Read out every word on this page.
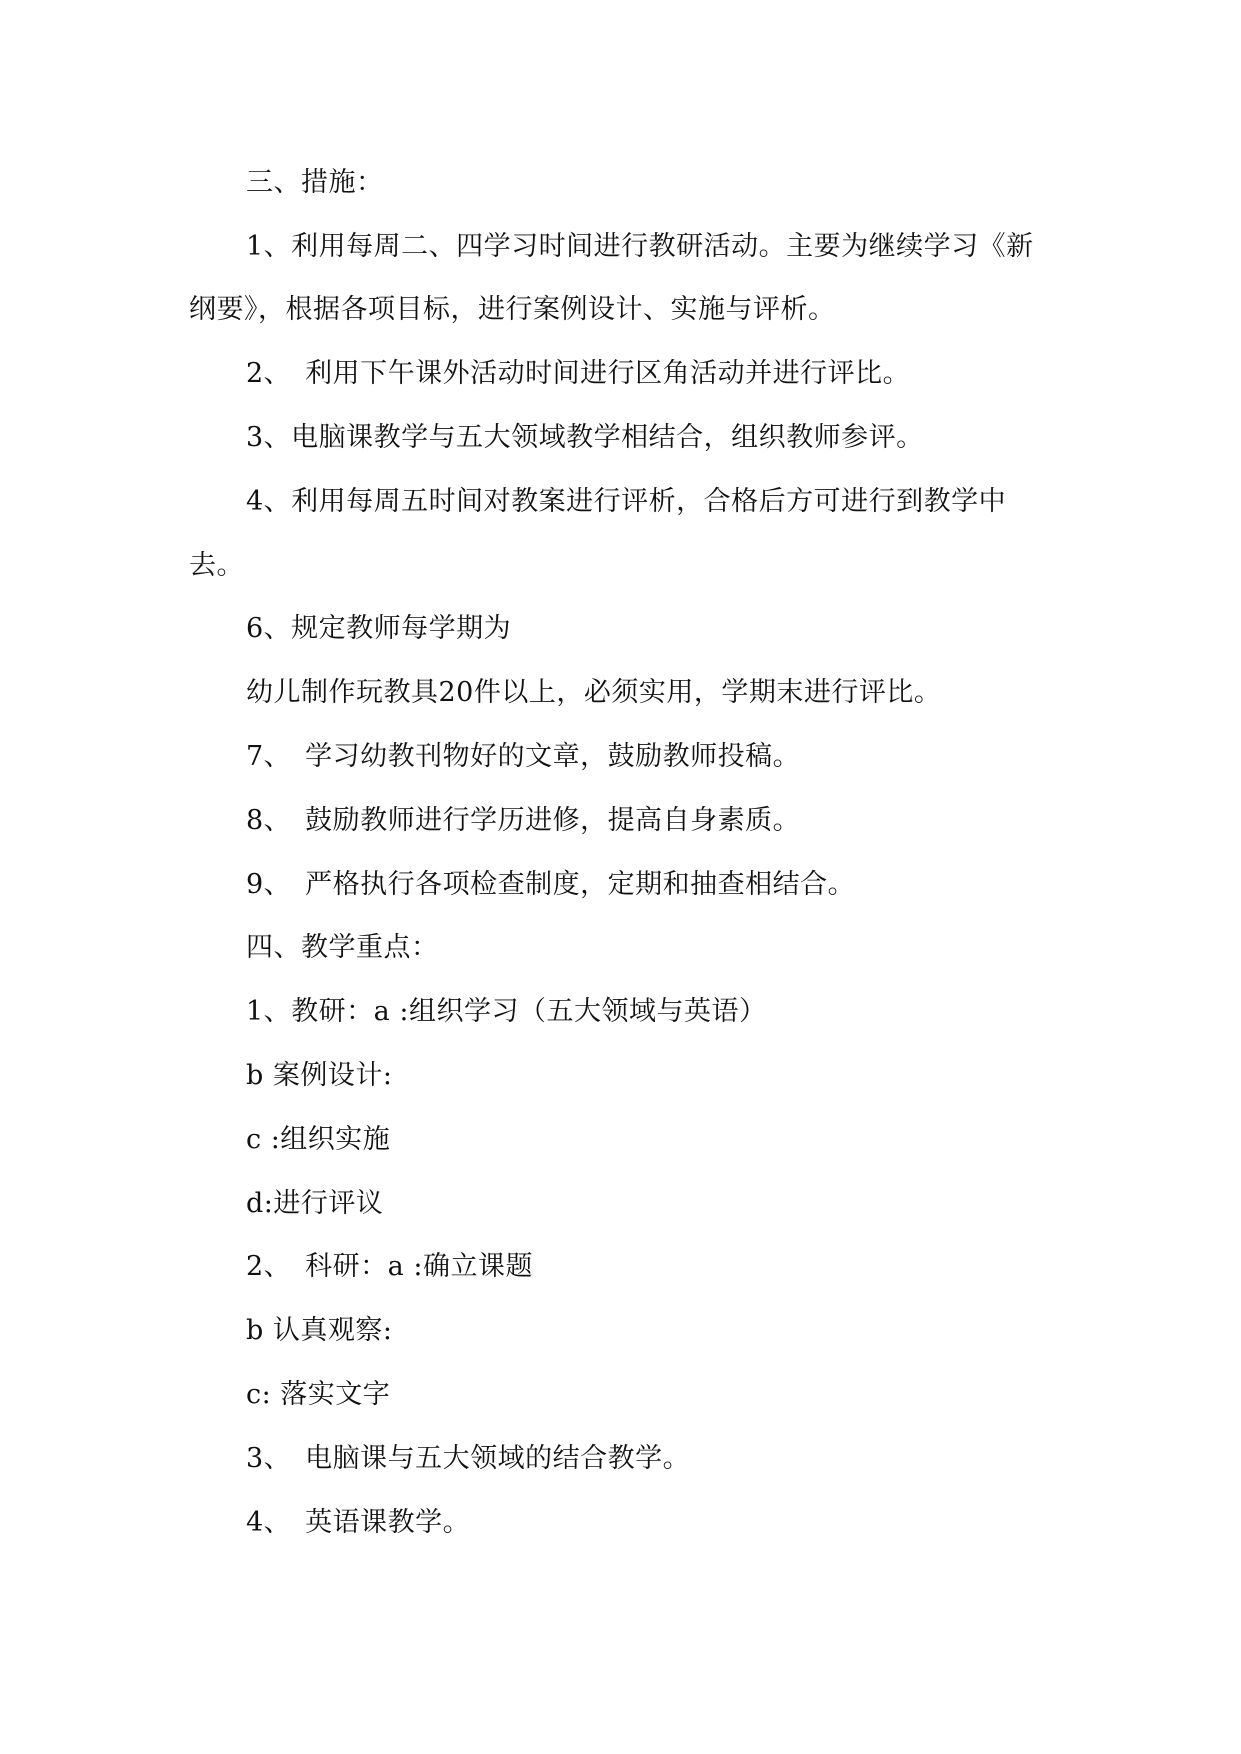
三、措施：
1、利用每周二、四学习时间进行教研活动。主要为继续学习《新
纲要》，根据各项目标，进行案例设计、实施与评析。
2、　利用下午课外活动时间进行区角活动并进行评比。
3、电脑课教学与五大领域教学相结合，组织教师参评。
4、利用每周五时间对教案进行评析，合格后方可进行到教学中
去。
6、规定教师每学期为
幼儿制作玩教具20件以上，必须实用，学期末进行评比。
7、　学习幼教刊物好的文章，鼓励教师投稿。
8、　鼓励教师进行学历进修，提高自身素质。
9、　严格执行各项检查制度，定期和抽查相结合。
四、教学重点：
1、教研：a :组织学习（五大领域与英语）
b 案例设计:
c :组织实施
d:进行评议
2、　科研：a :确立课题
b 认真观察:
c: 落实文字
3、　电脑课与五大领域的结合教学。
4、　英语课教学。
